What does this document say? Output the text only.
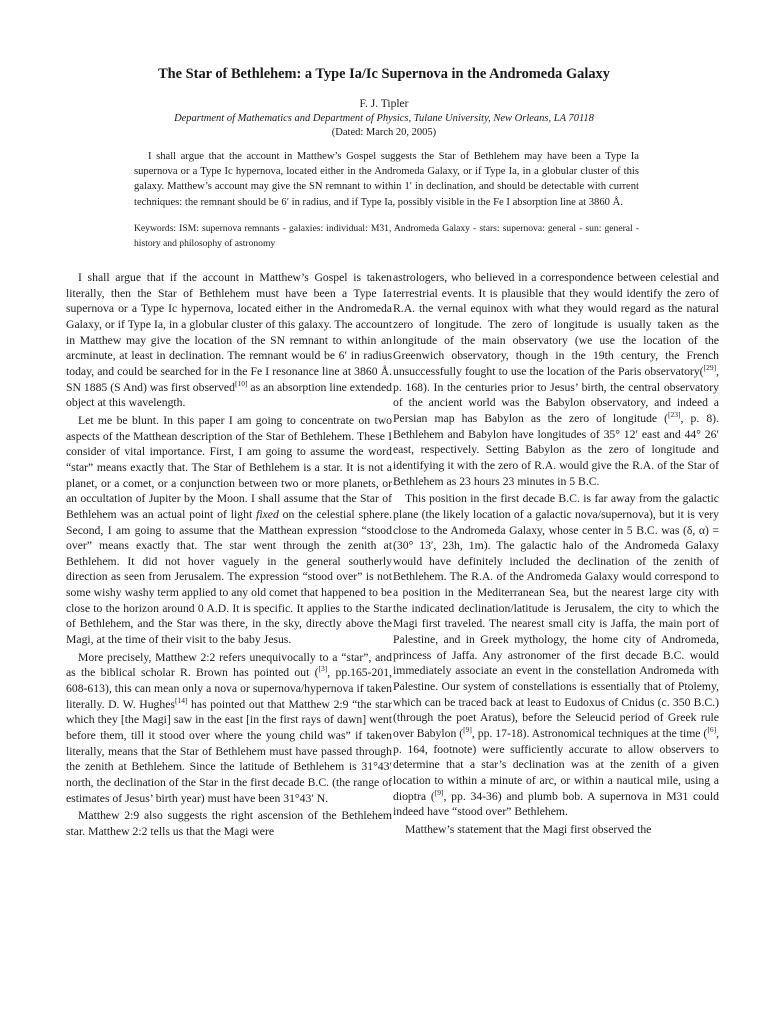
The Star of Bethlehem: a Type Ia/Ic Supernova in the Andromeda Galaxy
F. J. Tipler
Department of Mathematics and Department of Physics, Tulane University, New Orleans, LA 70118
(Dated: March 20, 2005)
I shall argue that the account in Matthew’s Gospel suggests the Star of Bethlehem may have been a Type Ia supernova or a Type Ic hypernova, located either in the Andromeda Galaxy, or if Type Ia, in a globular cluster of this galaxy. Matthew’s account may give the SN remnant to within 1′ in declination, and should be detectable with current techniques: the remnant should be 6′ in radius, and if Type Ia, possibly visible in the Fe I absorption line at 3860 Å.
Keywords: ISM: supernova remnants - galaxies: individual: M31, Andromeda Galaxy - stars: supernova: general - sun: general - history and philosophy of astronomy

I shall argue that if the account in Matthew’s Gospel is taken literally, then the Star of Bethlehem must have been a Type Ia supernova or a Type Ic hypernova, located either in the Andromeda Galaxy, or if Type Ia, in a globular cluster of this galaxy. The account in Matthew may give the location of the SN remnant to within an arcminute, at least in declination. The remnant would be 6′ in radius today, and could be searched for in the Fe I resonance line at 3860 Å. SN 1885 (S And) was first observed[10] as an absorption line extended object at this wavelength.

Let me be blunt. In this paper I am going to concentrate on two aspects of the Matthean description of the Star of Bethlehem. These I consider of vital importance. First, I am going to assume the word “star” means exactly that. The Star of Bethlehem is a star. It is not a planet, or a comet, or a conjunction between two or more planets, or an occultation of Jupiter by the Moon. I shall assume that the Star of Bethlehem was an actual point of light fixed on the celestial sphere. Second, I am going to assume that the Matthean expression “stood over” means exactly that. The star went through the zenith at Bethlehem. It did not hover vaguely in the general southerly direction as seen from Jerusalem. The expression “stood over” is not some wishy washy term applied to any old comet that happened to be close to the horizon around 0 A.D. It is specific. It applies to the Star of Bethlehem, and the Star was there, in the sky, directly above the Magi, at the time of their visit to the baby Jesus.

More precisely, Matthew 2:2 refers unequivocally to a “star”, and as the biblical scholar R. Brown has pointed out ([3], pp.165-201, 608-613), this can mean only a nova or supernova/hypernova if taken literally. D. W. Hughes[14] has pointed out that Matthew 2:9 “the star which they [the Magi] saw in the east [in the first rays of dawn] went before them, till it stood over where the young child was” if taken literally, means that the Star of Bethlehem must have passed through the zenith at Bethlehem. Since the latitude of Bethlehem is 31°43′ north, the declination of the Star in the first decade B.C. (the range of estimates of Jesus’ birth year) must have been 31°43′ N.

Matthew 2:9 also suggests the right ascension of the Bethlehem star. Matthew 2:2 tells us that the Magi were

astrologers, who believed in a correspondence between celestial and terrestrial events. It is plausible that they would identify the zero of R.A. the vernal equinox with what they would regard as the natural zero of longitude. The zero of longitude is usually taken as the longitude of the main observatory (we use the location of the Greenwich observatory, though in the 19th century, the French unsuccessfully fought to use the location of the Paris observatory([29], p. 168). In the centuries prior to Jesus’ birth, the central observatory of the ancient world was the Babylon observatory, and indeed a Persian map has Babylon as the zero of longitude ([23], p. 8). Bethlehem and Babylon have longitudes of 35° 12′ east and 44° 26′ east, respectively. Setting Babylon as the zero of longitude and identifying it with the zero of R.A. would give the R.A. of the Star of Bethlehem as 23 hours 23 minutes in 5 B.C.

This position in the first decade B.C. is far away from the galactic plane (the likely location of a galactic nova/supernova), but it is very close to the Andromeda Galaxy, whose center in 5 B.C. was (δ, α) = (30° 13′, 23h, 1m). The galactic halo of the Andromeda Galaxy would have definitely included the declination of the zenith of Bethlehem. The R.A. of the Andromeda Galaxy would correspond to a position in the Mediterranean Sea, but the nearest large city with the indicated declination/latitude is Jerusalem, the city to which the Magi first traveled. The nearest small city is Jaffa, the main port of Palestine, and in Greek mythology, the home city of Andromeda, princess of Jaffa. Any astronomer of the first decade B.C. would immediately associate an event in the constellation Andromeda with Palestine. Our system of constellations is essentially that of Ptolemy, which can be traced back at least to Eudoxus of Cnidus (c. 350 B.C.) (through the poet Aratus), before the Seleucid period of Greek rule over Babylon ([9], pp. 17-18). Astronomical techniques at the time ([6], p. 164, footnote) were sufficiently accurate to allow observers to determine that a star’s declination was at the zenith of a given location to within a minute of arc, or within a nautical mile, using a dioptra ([9], pp. 34-36) and plumb bob. A supernova in M31 could indeed have “stood over” Bethlehem.

Matthew’s statement that the Magi first observed the
